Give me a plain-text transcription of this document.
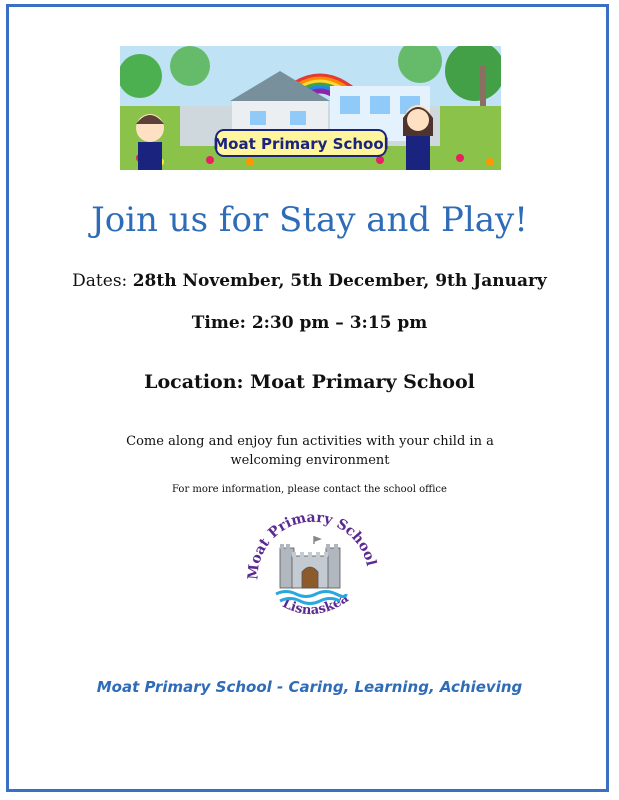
Moat Primary School
Join us for Stay and Play!
Dates: 28th November, 5th December, 9th January
Time: 2:30 pm – 3:15 pm
Location: Moat Primary School
Come along and enjoy fun activities with your child in a welcoming environment
For more information, please contact the school office
Moat Primary School
Lisnaskea
Moat Primary School - Caring, Learning, Achieving
